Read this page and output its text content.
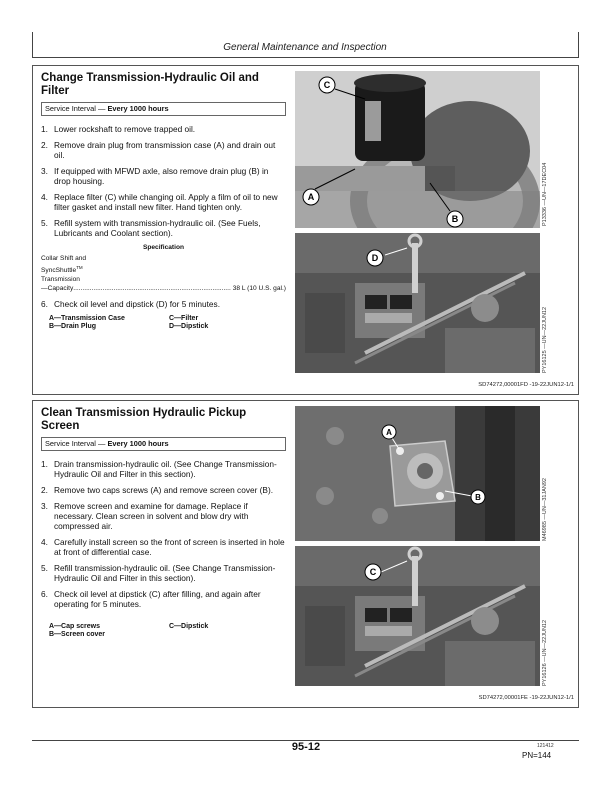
General Maintenance and Inspection
Change Transmission-Hydraulic Oil and Filter
Service Interval — Every 1000 hours
1. Lower rockshaft to remove trapped oil.
2. Remove drain plug from transmission case (A) and drain out oil.
3. If equipped with MFWD axle, also remove drain plug (B) in drop housing.
4. Replace filter (C) while changing oil. Apply a film of oil to new filter gasket and install new filter. Hand tighten only.
5. Refill system with transmission-hydraulic oil. (See Fuels, Lubricants and Coolant section).
Specification
Collar Shift and
SyncShuttle™
Transmission
—Capacity
.....	38 L (10 U.S. gal.)
6. Check oil level and dipstick (D) for 5 minutes.
A—Transmission Case	C—Filter
B—Drain Plug	D—Dipstick
C
A
B	P13336 —UN—17DEC04
D
PY16125 —UN—22JUN12
SD74272,00001FD -19-22JUN12-1/1
Clean Transmission Hydraulic Pickup Screen
Service Interval — Every 1000 hours
1. Drain transmission-hydraulic oil. (See Change Transmission-Hydraulic Oil and Filter in this section).
2. Remove two caps screws (A) and remove screen cover (B).
3. Remove screen and examine for damage. Replace if necessary. Clean screen in solvent and blow dry with compressed air.
4. Carefully install screen so the front of screen is inserted in hole at front of differential case.
5. Refill transmission-hydraulic oil. (See Change Transmission-Hydraulic Oil and Filter in this section).
6. Check oil level at dipstick (C) after filling, and again after operating for 5 minutes.
A—Cap screws	C—Dipstick
B—Screen cover
A
B	M46985 —UN—31JAN92
C
PY16126 —UN—22JUN12
SD74272,00001FE -19-22JUN12-1/1
95-12	121412
PN=144
